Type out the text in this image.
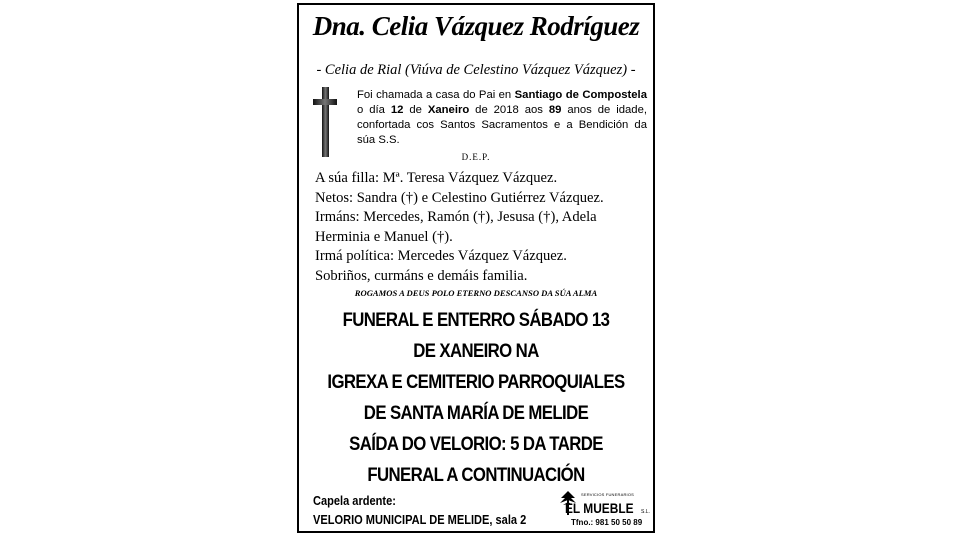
Dna. Celia Vázquez Rodríguez
- Celia de Rial (Viúva de Celestino Vázquez Vázquez) -
Foi chamada a casa do Pai en Santiago de Compostela o día 12 de Xaneiro de 2018 aos 89 anos de idade, confortada cos Santos Sacramentos e a Bendición da súa S.S.
D.E.P.
A súa filla: Mª. Teresa Vázquez Vázquez.
Netos: Sandra (†) e Celestino Gutiérrez Vázquez.
Irmáns: Mercedes, Ramón (†), Jesusa (†), Adela
Herminia e Manuel (†).
Irmá política: Mercedes Vázquez Vázquez.
Sobriños, curmáns e demáis familia.
ROGAMOS A DEUS POLO ETERNO DESCANSO DA SÚA ALMA
FUNERAL E ENTERRO SÁBADO 13
DE XANEIRO NA
IGREXA E CEMITERIO PARROQUIALES
DE SANTA MARÍA DE MELIDE
SAÍDA DO VELORIO: 5 DA TARDE
FUNERAL A CONTINUACIÓN
Capela ardente:
VELORIO MUNICIPAL DE MELIDE, sala 2
SERVICIOS FUNERARIOS
EL MUEBLE S.L.
Tfno.: 981 50 50 89
